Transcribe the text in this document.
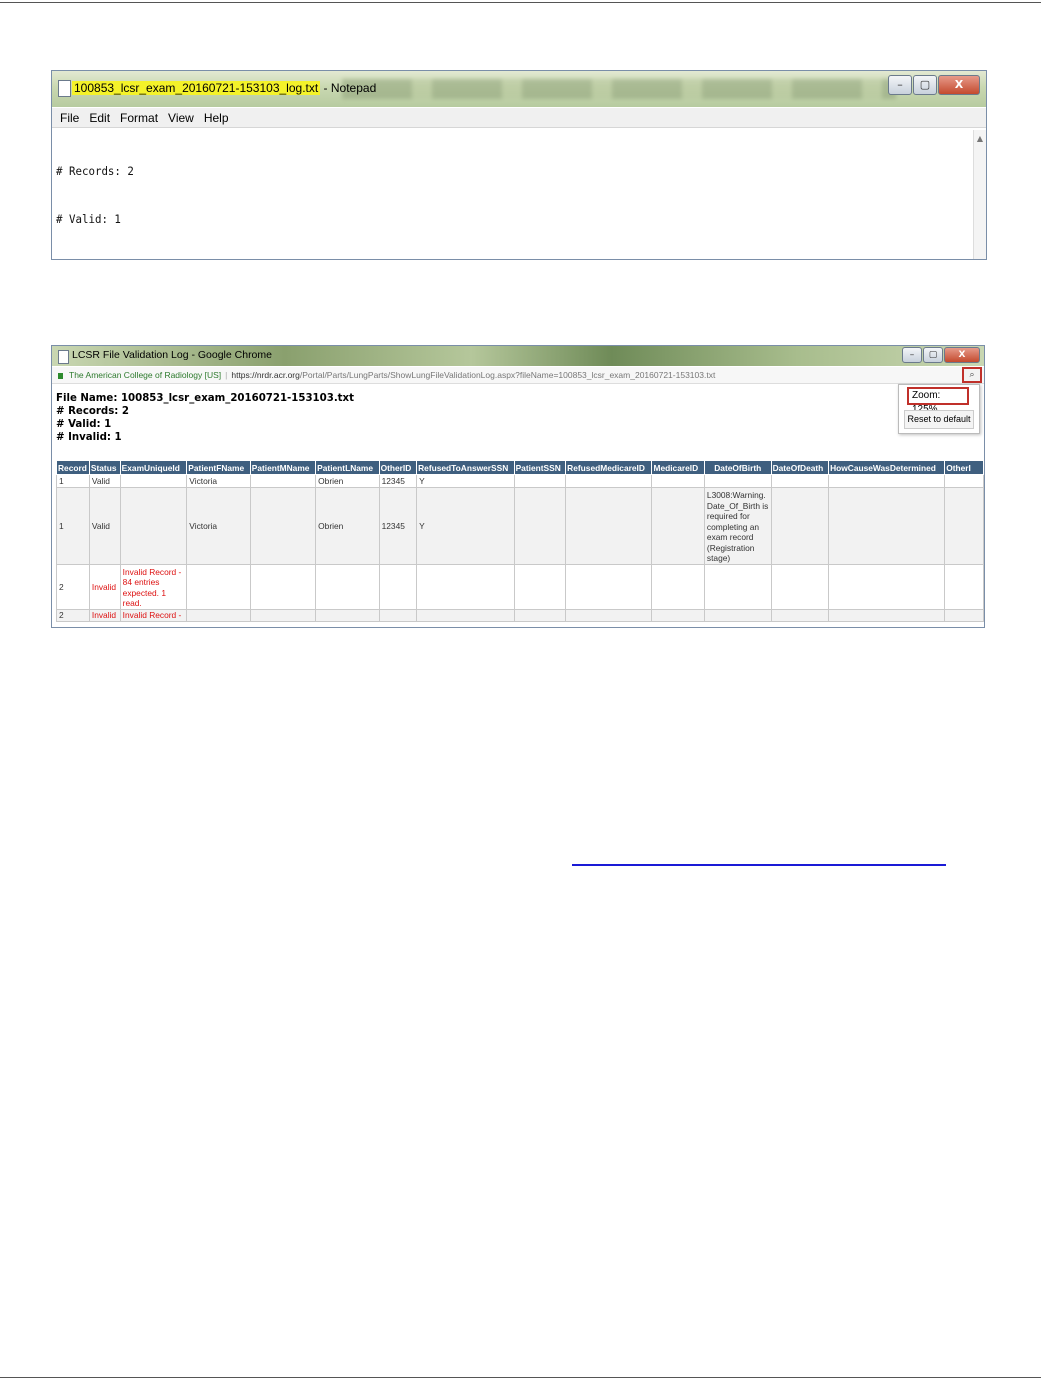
100853_lcsr_exam_20160721-153103_log.txt - Notepad	–	▢	X
File Edit Format View Help

# Records: 2

# Valid: 1

▲
LCSR File Validation Log - Google Chrome	–	▢	X
The American College of Radiology [US] | https://nrdr.acr.org/Portal/Parts/LungParts/ShowLungFileValidationLog.aspx?fileName=100853_lcsr_exam_20160721-153103.txt	⌕
Zoom:
Reset to default
File Name: 100853_lcsr_exam_20160721-153103.txt
# Records: 2
# Valid: 1
# Invalid: 1
Record	Status	ExamUniqueId	PatientFName	PatientMName	PatientLName	OtherID	RefusedToAnswerSSN	PatientSSN	RefusedMedicareID	MedicareID	DateOfBirth	DateOfDeath	HowCauseWasDetermined	OtherI
1	Valid		Victoria		Obrien	12345	Y							
1	Valid		Victoria		Obrien	12345	Y				L3008:Warning. Date_Of_Birth is required for completing an exam record (Registration stage)			
2	Invalid	Invalid Record - 84 entries expected. 1 read.												
2	Invalid	Invalid Record -												
